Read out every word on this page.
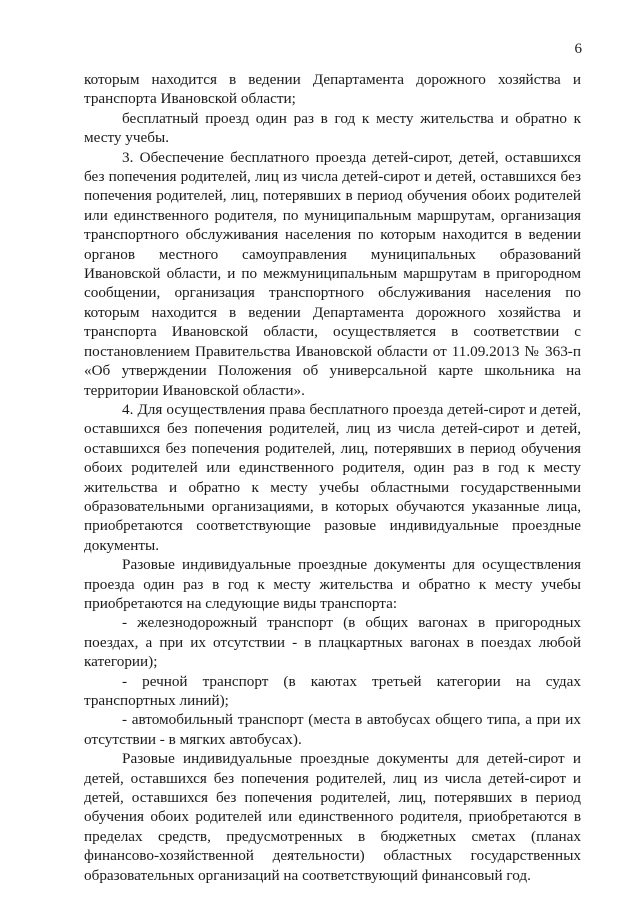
6

которым находится в ведении Департамента дорожного хозяйства и транспорта Ивановской области;

бесплатный проезд один раз в год к месту жительства и обратно к месту учебы.

3. Обеспечение бесплатного проезда детей-сирот, детей, оставшихся без попечения родителей, лиц из числа детей-сирот и детей, оставшихся без попечения родителей, лиц, потерявших в период обучения обоих родителей или единственного родителя, по муниципальным маршрутам, организация транспортного обслуживания населения по которым находится в ведении органов местного самоуправления муниципальных образований Ивановской области, и по межмуниципальным маршрутам в пригородном сообщении, организация транспортного обслуживания населения по которым находится в ведении Департамента дорожного хозяйства и транспорта Ивановской области, осуществляется в соответствии с постановлением Правительства Ивановской области от 11.09.2013 № 363-п «Об утверждении Положения об универсальной карте школьника на территории Ивановской области».

4. Для осуществления права бесплатного проезда детей-сирот и детей, оставшихся без попечения родителей, лиц из числа детей-сирот и детей, оставшихся без попечения родителей, лиц, потерявших в период обучения обоих родителей или единственного родителя, один раз в год к месту жительства и обратно к месту учебы областными государственными образовательными организациями, в которых обучаются указанные лица, приобретаются соответствующие разовые индивидуальные проездные документы.

Разовые индивидуальные проездные документы для осуществления проезда один раз в год к месту жительства и обратно к месту учебы приобретаются на следующие виды транспорта:

- железнодорожный транспорт (в общих вагонах в пригородных поездах, а при их отсутствии - в плацкартных вагонах в поездах любой категории);

- речной транспорт (в каютах третьей категории на судах транспортных линий);

- автомобильный транспорт (места в автобусах общего типа, а при их отсутствии - в мягких автобусах).

Разовые индивидуальные проездные документы для детей-сирот и детей, оставшихся без попечения родителей, лиц из числа детей-сирот и детей, оставшихся без попечения родителей, лиц, потерявших в период обучения обоих родителей или единственного родителя, приобретаются в пределах средств, предусмотренных в бюджетных сметах (планах финансово-хозяйственной деятельности) областных государственных образовательных организаций на соответствующий финансовый год.
